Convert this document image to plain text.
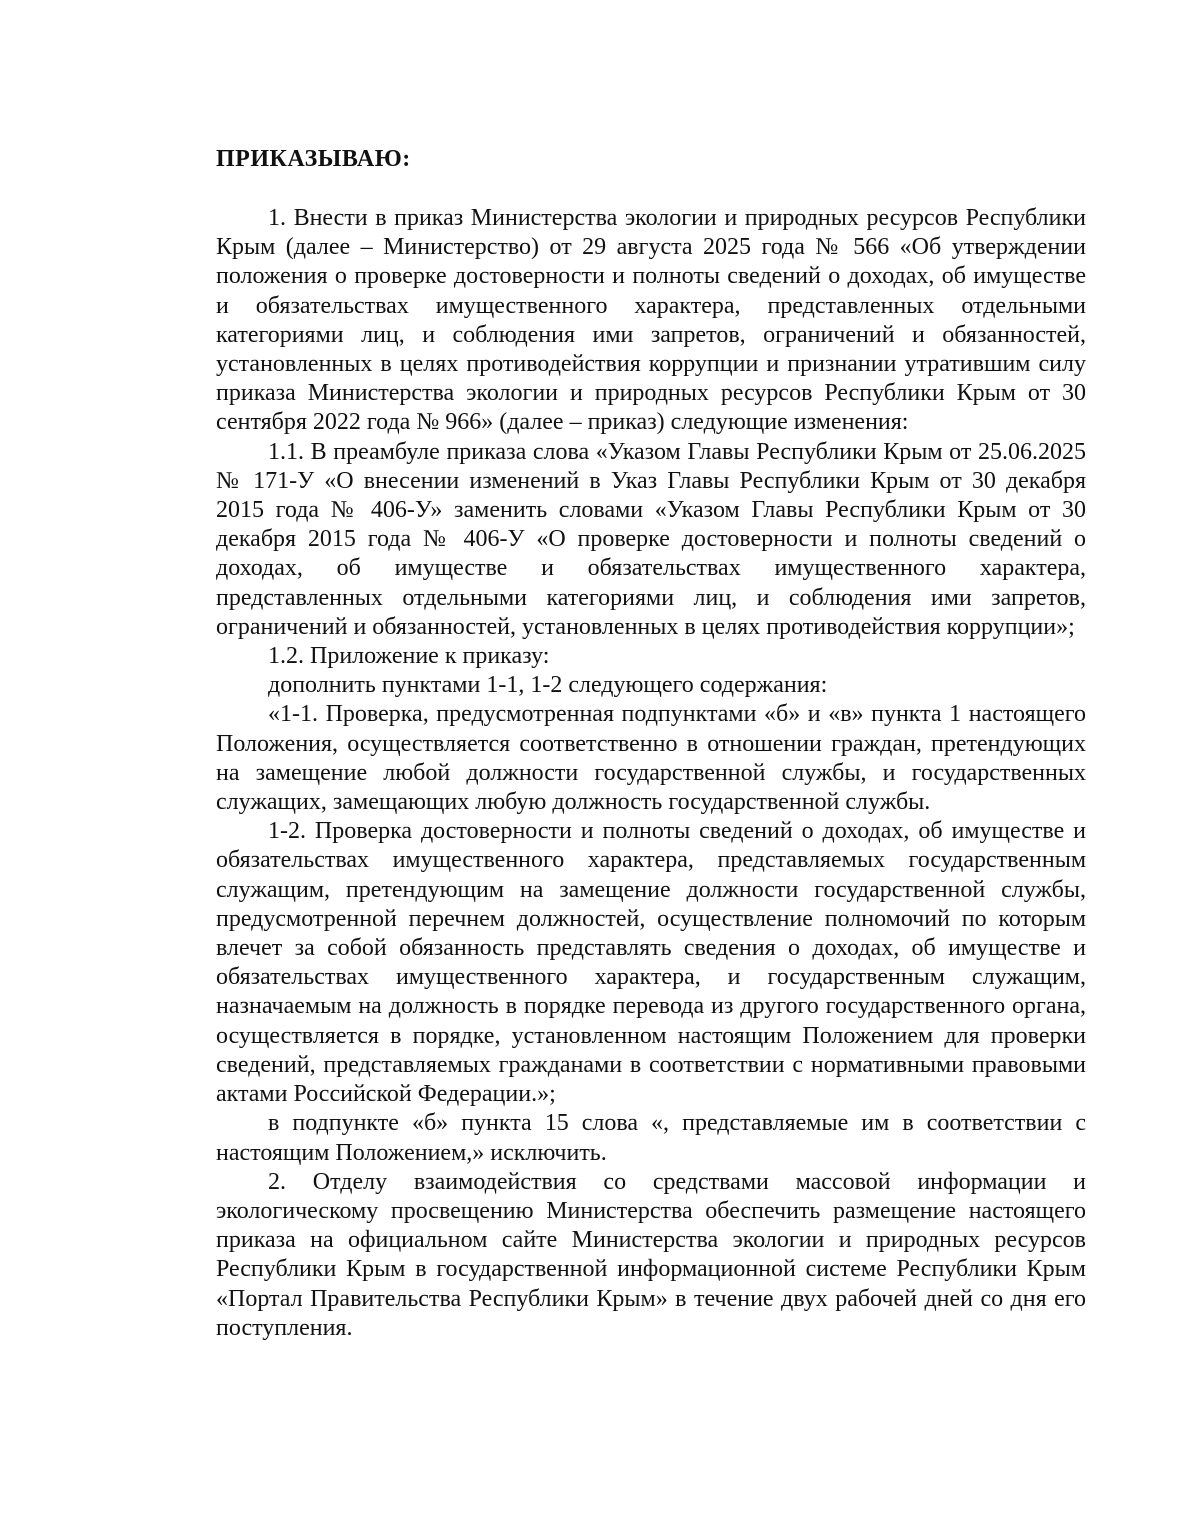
ПРИКАЗЫВАЮ:

1. Внести в приказ Министерства экологии и природных ресурсов Республики Крым (далее – Министерство) от 29 августа 2025 года № 566 «Об утверждении положения о проверке достоверности и полноты сведений о доходах, об имуществе и обязательствах имущественного характера, представленных отдельными категориями лиц, и соблюдения ими запретов, ограничений и обязанностей, установленных в целях противодействия коррупции и признании утратившим силу приказа Министерства экологии и природных ресурсов Республики Крым от 30 сентября 2022 года № 966» (далее – приказ) следующие изменения:

1.1. В преамбуле приказа слова «Указом Главы Республики Крым от 25.06.2025 № 171-У «О внесении изменений в Указ Главы Республики Крым от 30 декабря 2015 года № 406-У» заменить словами «Указом Главы Республики Крым от 30 декабря 2015 года № 406-У «О проверке достоверности и полноты сведений о доходах, об имуществе и обязательствах имущественного характера, представленных отдельными категориями лиц, и соблюдения ими запретов, ограничений и обязанностей, установленных в целях противодействия коррупции»;

1.2. Приложение к приказу:

дополнить пунктами 1-1, 1-2 следующего содержания:

«1-1. Проверка, предусмотренная подпунктами «б» и «в» пункта 1 настоящего Положения, осуществляется соответственно в отношении граждан, претендующих на замещение любой должности государственной службы, и государственных служащих, замещающих любую должность государственной службы.

1-2. Проверка достоверности и полноты сведений о доходах, об имуществе и обязательствах имущественного характера, представляемых государственным служащим, претендующим на замещение должности государственной службы, предусмотренной перечнем должностей, осуществление полномочий по которым влечет за собой обязанность представлять сведения о доходах, об имуществе и обязательствах имущественного характера, и государственным служащим, назначаемым на должность в порядке перевода из другого государственного органа, осуществляется в порядке, установленном настоящим Положением для проверки сведений, представляемых гражданами в соответствии с нормативными правовыми актами Российской Федерации.»;

в подпункте «б» пункта 15 слова «, представляемые им в соответствии с настоящим Положением,» исключить.

2. Отделу взаимодействия со средствами массовой информации и экологическому просвещению Министерства обеспечить размещение настоящего приказа на официальном сайте Министерства экологии и природных ресурсов Республики Крым в государственной информационной системе Республики Крым «Портал Правительства Республики Крым» в течение двух рабочей дней со дня его поступления.
